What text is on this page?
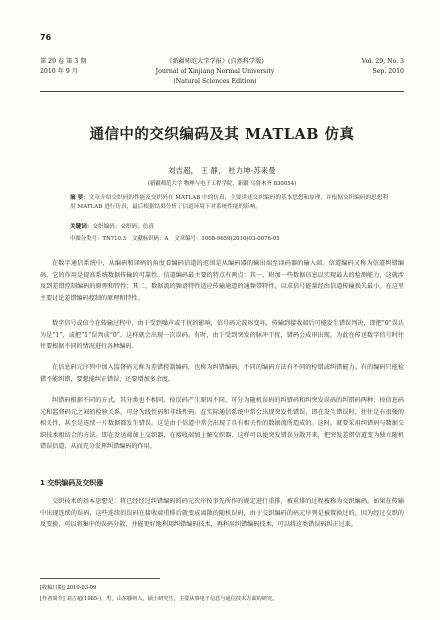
76
第 29 卷 第 3 期
2010 年 9 月
《新疆师范大学学报》(自然科学版)
Journal of Xinjiang Normal University
(Natural Sciences Edition)
Vol. 29, No. 3
Sep. 2010
通信中的交织编码及其 MATLAB 仿真
刘吉超， 王 静， 杜力坤·苏来曼
(新疆师范大学 物理与电子工程学院，新疆 乌鲁木齐 830054)
摘 要：文章介绍交织码的性能及交织码在 MATLAB 中的仿真，主要讲述交织编码的基本思想和原理，并根据交织编码的思想利用 MATLAB 进行仿真，最后根据结果分析了信道环境下对系统性能的影响。
关键词：交织编码；交织码；仿真
中图分类号：TN710.3 文献标识码：A 文章编号：1008-9659(2010)03-0076-05
在数字通信系统中，从编码和译码的角度看编码信道的范围是从编码器的输出端至译码器的输入端。信道编码又称为信道纠错编码，它的作用是提高系统数据传输的可靠性。信道编码最主要的特点有两点：其一，附加一些数据信息以实现最大的检测能力，这就涉及到差错控制编码的原理和特性；其二，数据流的频谱特性适应传输通道的通频带特性，以求信号能量经由信道传输损失最小。在这里主要讨论差错编码控制的原理和特性。
数字信号或信令在传输过程中，由于受到噪声或干扰的影响，信号码元波形变坏，传输到接收端后可能发生错误判决，即把“0”误认为是“1”，或把“1”误判成“0”。这样就会出现一次误码。有时，由于受到突发的脉冲干扰，错码会成串出现，为此在传送数字信号时往往要根据不同的情况进行各种编码。
在信息码元序列中加入监督码元称为差错控制编码，也称为纠错编码。不同的编码方法有不同的检错或纠错能力。有的编码只能检错不能纠错，要想能纠正错误，还要增加多余度。
纠错码根据不同的方式，其分类也不相同。按误码产生原因不同，可分为随机误码的纠错码和纠突发误码的纠错码两种；按信息码元和监督码元之间的检验关系，可分为线性码和非线性码。在实际通信系统中常会出现突发性错误，即在发生错误时，往往是有很强的相关性，甚至是连续一片数据都发生错误。这是由于信道中常会出现了具有相关性的数据流所造成的。这时，就要采用纠错码与数据交织技术相结合的方法。即在发送端加上交织器，在接收端加上解交织器，这样可以使突发错误分散开来，把突发差错信道变为独立随机错误信道，从而充分发挥纠错编码的作用。
1 交织编码及交织器
交织技术的基本思想是：将已经经过纠错编码的码元次序按事先所作的规定进行重排，被重排的过程被称为交织编码。如果在传输中出现连续的误码，这些连续的误码在接收端重排后就变成离散的随机误码，由于交织编码的码元序列是被置换过的，因为经过交织的反变换，可以将集中的误码分散，并能更好地利用纠错编码技术，再利用纠错编码技术，可以将这类错误码纠正过来。
[收稿日期] 2010-03-09
[作者简介] 刘吉超(1985-)，男，山东滕州人，硕士研究生，主要从事电子信息与通信技术方面的研究。
